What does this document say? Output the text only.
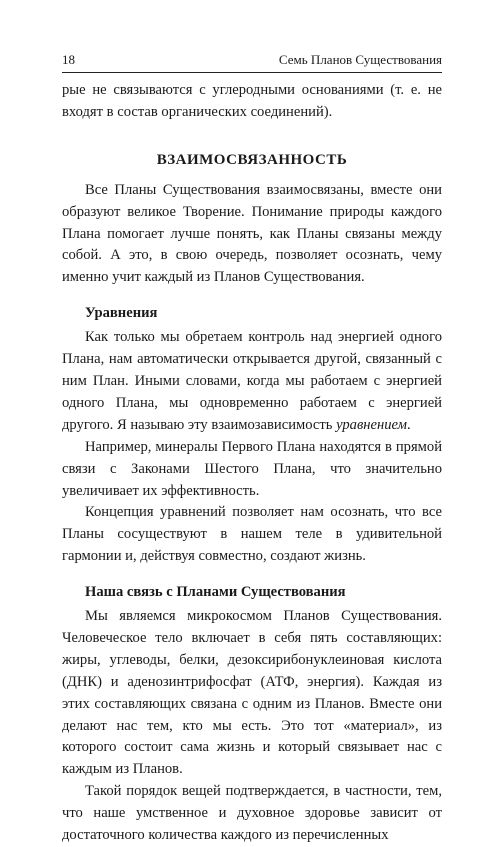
18	Семь Планов Существования

рые не связываются с углеродными основаниями (т. е. не входят в состав органических соединений).

ВЗАИМОСВЯЗАННОСТЬ

Все Планы Существования взаимосвязаны, вместе они образуют великое Творение. Понимание природы каждого Плана помогает лучше понять, как Планы связаны между собой. А это, в свою очередь, позволяет осознать, чему именно учит каждый из Планов Существования.

Уравнения

Как только мы обретаем контроль над энергией одного Плана, нам автоматически открывается другой, связанный с ним План. Иными словами, когда мы работаем с энергией одного Плана, мы одновременно работаем с энергией другого. Я называю эту взаимозависимость уравнением.

Например, минералы Первого Плана находятся в прямой связи с Законами Шестого Плана, что значительно увеличивает их эффективность.

Концепция уравнений позволяет нам осознать, что все Планы сосуществуют в нашем теле в удивительной гармонии и, действуя совместно, создают жизнь.

Наша связь с Планами Существования

Мы являемся микрокосмом Планов Существования. Человеческое тело включает в себя пять составляющих: жиры, углеводы, белки, дезоксирибонуклеиновая кислота (ДНК) и аденозинтрифосфат (АТФ, энергия). Каждая из этих составляющих связана с одним из Планов. Вместе они делают нас тем, кто мы есть. Это тот «материал», из которого состоит сама жизнь и который связывает нас с каждым из Планов.

Такой порядок вещей подтверждается, в частности, тем, что наше умственное и духовное здоровье зависит от достаточного количества каждого из перечисленных
